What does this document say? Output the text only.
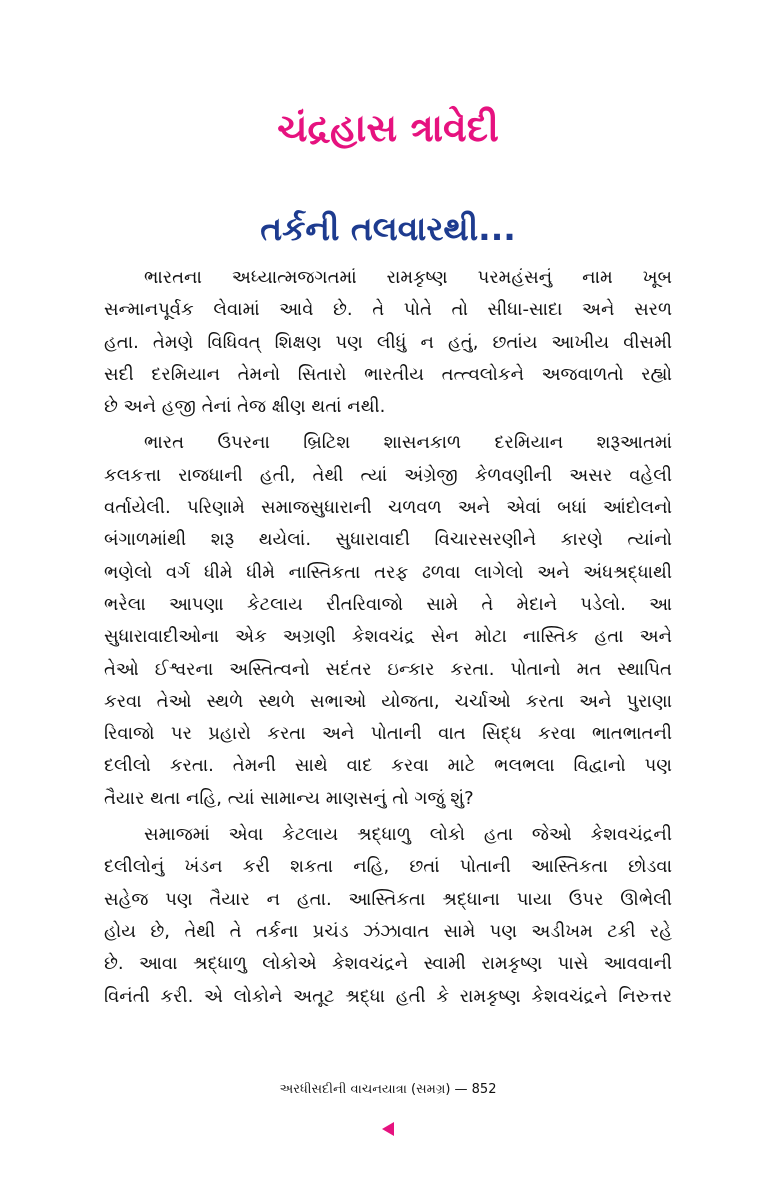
ચંદ્રહાસ ત્રાવેદી
તર્કની તલવારથી...
ભારતના અધ્યાત્મજગતમાં રામકૃષ્ણ પરમહંસનું નામ ખૂબ
સન્માનપૂર્વક લેવામાં આવે છે. તે પોતે તો સીધા-સાદા અને સરળ
હતા. તેમણે વિધિવત્ શિક્ષણ પણ લીધું ન હતું, છતાંય આખીય વીસમી
સદી દરમિયાન તેમનો સિતારો ભારતીય તત્ત્વલોકને અજવાળતો રહ્યો
છે અને હજી તેનાં તેજ ક્ષીણ થતાં નથી.
ભારત ઉપરના બ્રિટિશ શાસનકાળ દરમિયાન શરૂઆતમાં
કલકત્તા રાજધાની હતી, તેથી ત્યાં અંગ્રેજી કેળવણીની અસર વહેલી
વર્તાયેલી. પરિણામે સમાજસુધારાની ચળવળ અને એવાં બધાં આંદોલનો
બંગાળમાંથી શરૂ થયેલાં. સુધારાવાદી વિચારસરણીને કારણે ત્યાંનો
ભણેલો વર્ગ ધીમે ધીમે નાસ્તિકતા તરફ ઢળવા લાગેલો અને અંધશ્રદ્ધાથી
ભરેલા આપણા કેટલાય રીતરિવાજો સામે તે મેદાને પડેલો. આ
સુધારાવાદીઓના એક અગ્રણી કેશવચંદ્ર સેન મોટા નાસ્તિક હતા અને
તેઓ ઈશ્વરના અસ્તિત્વનો સદંતર ઇન્કાર કરતા. પોતાનો મત સ્થાપિત
કરવા તેઓ સ્થળે સ્થળે સભાઓ યોજતા, ચર્ચાઓ કરતા અને પુરાણા
રિવાજો પર પ્રહારો કરતા અને પોતાની વાત સિદ્ધ કરવા ભાતભાતની
દલીલો કરતા. તેમની સાથે વાદ કરવા માટે ભલભલા વિદ્વાનો પણ
તૈયાર થતા નહિ, ત્યાં સામાન્ય માણસનું તો ગજું શું?
સમાજમાં એવા કેટલાય શ્રદ્ધાળુ લોકો હતા જેઓ કેશવચંદ્રની
દલીલોનું ખંડન કરી શકતા નહિ, છતાં પોતાની આસ્તિકતા છોડવા
સહેજ પણ તૈયાર ન હતા. આસ્તિકતા શ્રદ્ધાના પાયા ઉપર ઊભેલી
હોય છે, તેથી તે તર્કના પ્રચંડ ઝંઝાવાત સામે પણ અડીખમ ટકી રહે
છે. આવા શ્રદ્ધાળુ લોકોએ કેશવચંદ્રને સ્વામી રામકૃષ્ણ પાસે આવવાની
વિનંતી કરી. એ લોકોને અતૂટ શ્રદ્ધા હતી કે રામકૃષ્ણ કેશવચંદ્રને નિરુત્તર
અરધીસદીની વાચનયાત્રા (સમગ્ર) — 852
